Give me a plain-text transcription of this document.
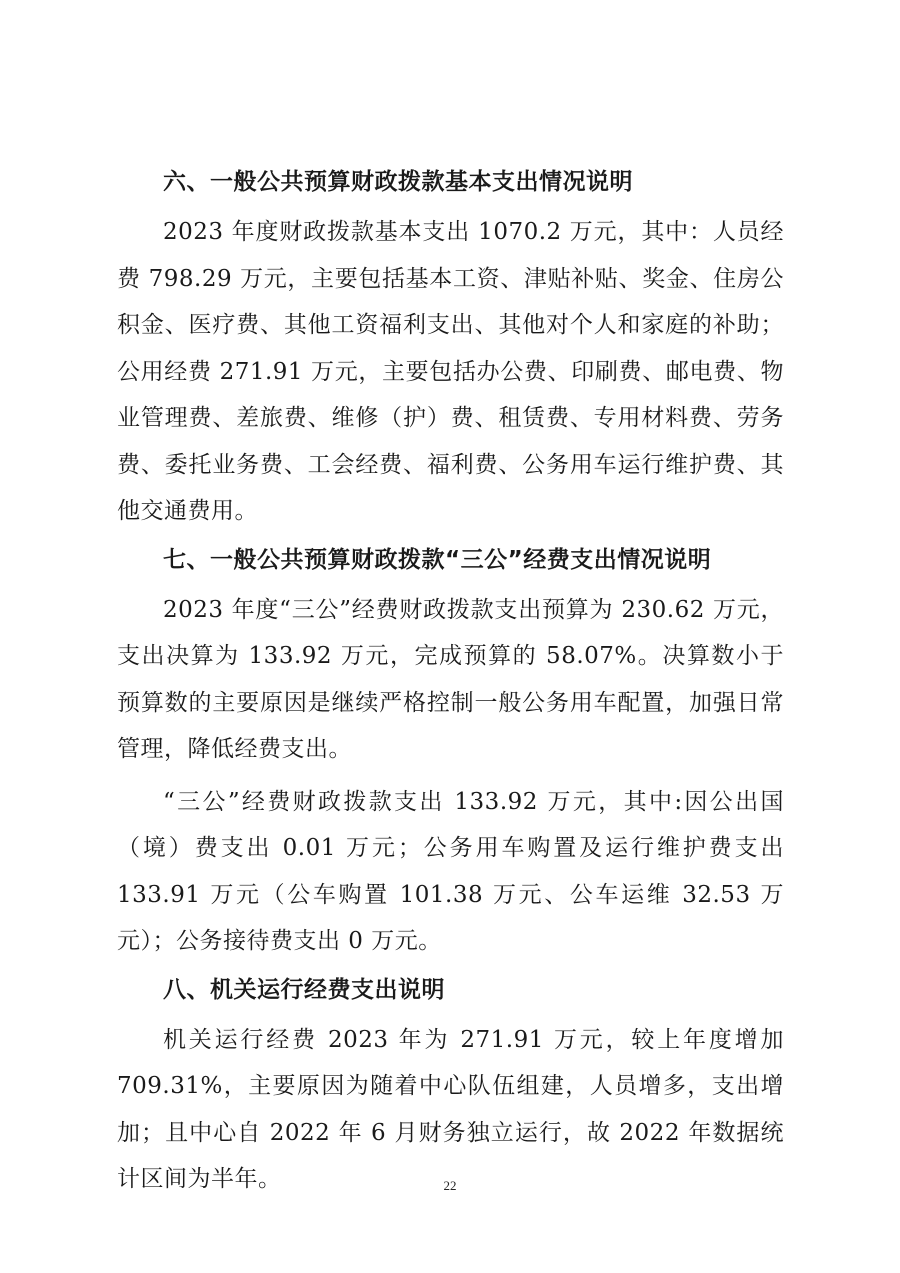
六、一般公共预算财政拨款基本支出情况说明

2023 年度财政拨款基本支出 1070.2 万元，其中：人员经费 798.29 万元，主要包括基本工资、津贴补贴、奖金、住房公积金、医疗费、其他工资福利支出、其他对个人和家庭的补助；公用经费 271.91 万元，主要包括办公费、印刷费、邮电费、物业管理费、差旅费、维修（护）费、租赁费、专用材料费、劳务费、委托业务费、工会经费、福利费、公务用车运行维护费、其他交通费用。

七、一般公共预算财政拨款“三公”经费支出情况说明

2023 年度“三公”经费财政拨款支出预算为 230.62 万元，支出决算为 133.92 万元，完成预算的 58.07%。决算数小于预算数的主要原因是继续严格控制一般公务用车配置，加强日常管理，降低经费支出。

“三公”经费财政拨款支出 133.92 万元，其中:因公出国（境）费支出 0.01 万元；公务用车购置及运行维护费支出 133.91 万元（公车购置 101.38 万元、公车运维 32.53 万元）；公务接待费支出 0 万元。

八、机关运行经费支出说明

机关运行经费 2023 年为 271.91 万元，较上年度增加 709.31%，主要原因为随着中心队伍组建，人员增多，支出增加；且中心自 2022 年 6 月财务独立运行，故 2022 年数据统计区间为半年。	22
